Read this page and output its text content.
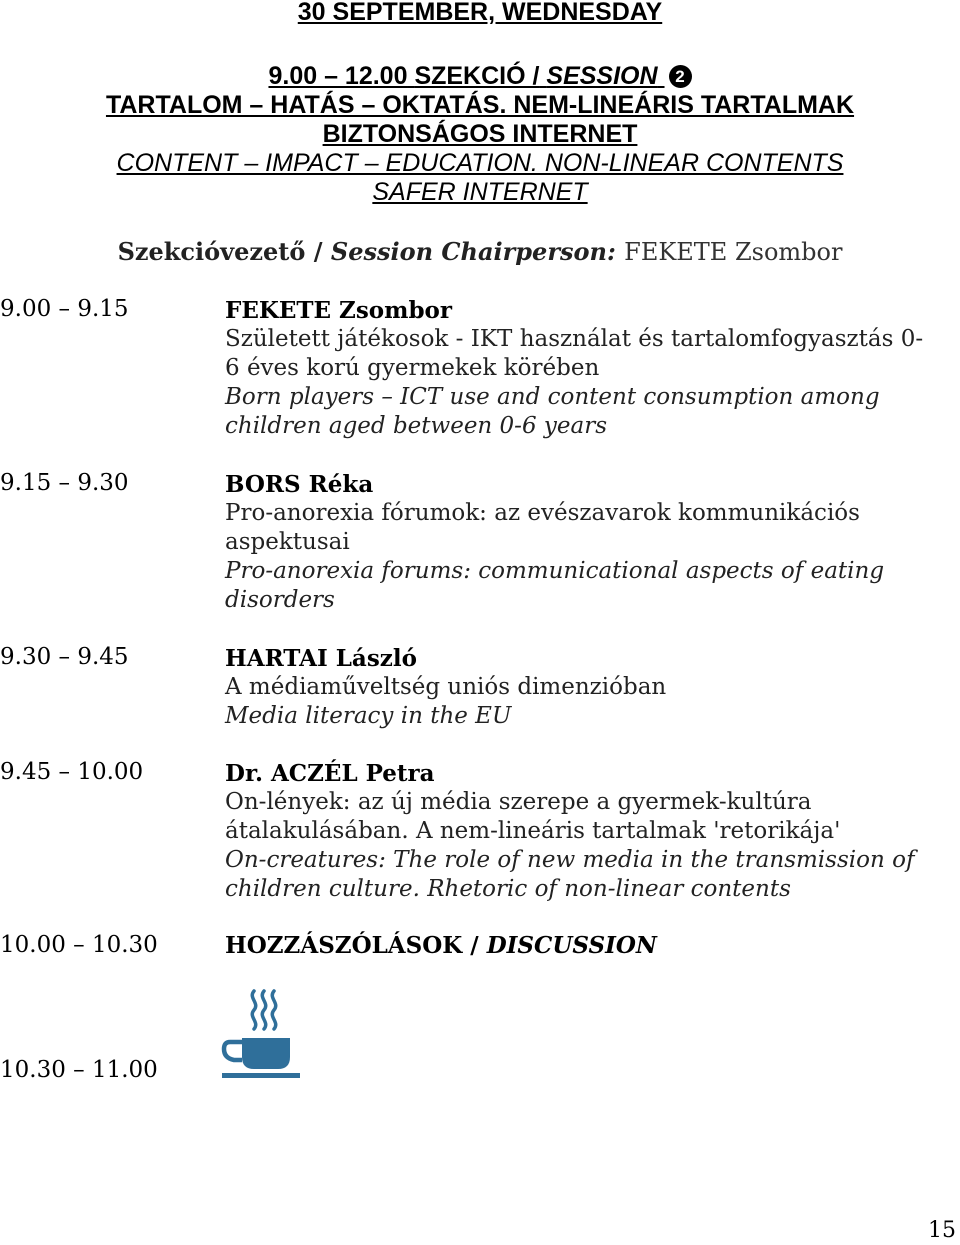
30 SEPTEMBER, WEDNESDAY
9.00 – 12.00 SZEKCIÓ / SESSION 2
TARTALOM – HATÁS – OKTATÁS. NEM-LINEÁRIS TARTALMAK
BIZTONSÁGOS INTERNET
CONTENT – IMPACT – EDUCATION. NON-LINEAR CONTENTS
SAFER INTERNET
Szekcióvezető / Session Chairperson: FEKETE Zsombor
9.00 – 9.15	FEKETE Zsombor
Született játékosok - IKT használat és tartalomfogyasztás 0-6 éves korú gyermekek körében
Born players – ICT use and content consumption among children aged between 0-6 years
9.15 – 9.30	BORS Réka
Pro-anorexia fórumok: az evészavarok kommunikációs aspektusai
Pro-anorexia forums: communicational aspects of eating disorders
9.30 – 9.45	HARTAI László
A médiaműveltség uniós dimenzióban
Media literacy in the EU
9.45 – 10.00	Dr. ACZÉL Petra
On-lények: az új média szerepe a gyermek-kultúra átalakulásában. A nem-lineáris tartalmak 'retorikája'
On-creatures: The role of new media in the transmission of children culture. Rhetoric of non-linear contents
10.00 – 10.30	HOZZÁSZÓLÁSOK / DISCUSSION
10.30 – 11.00
15
